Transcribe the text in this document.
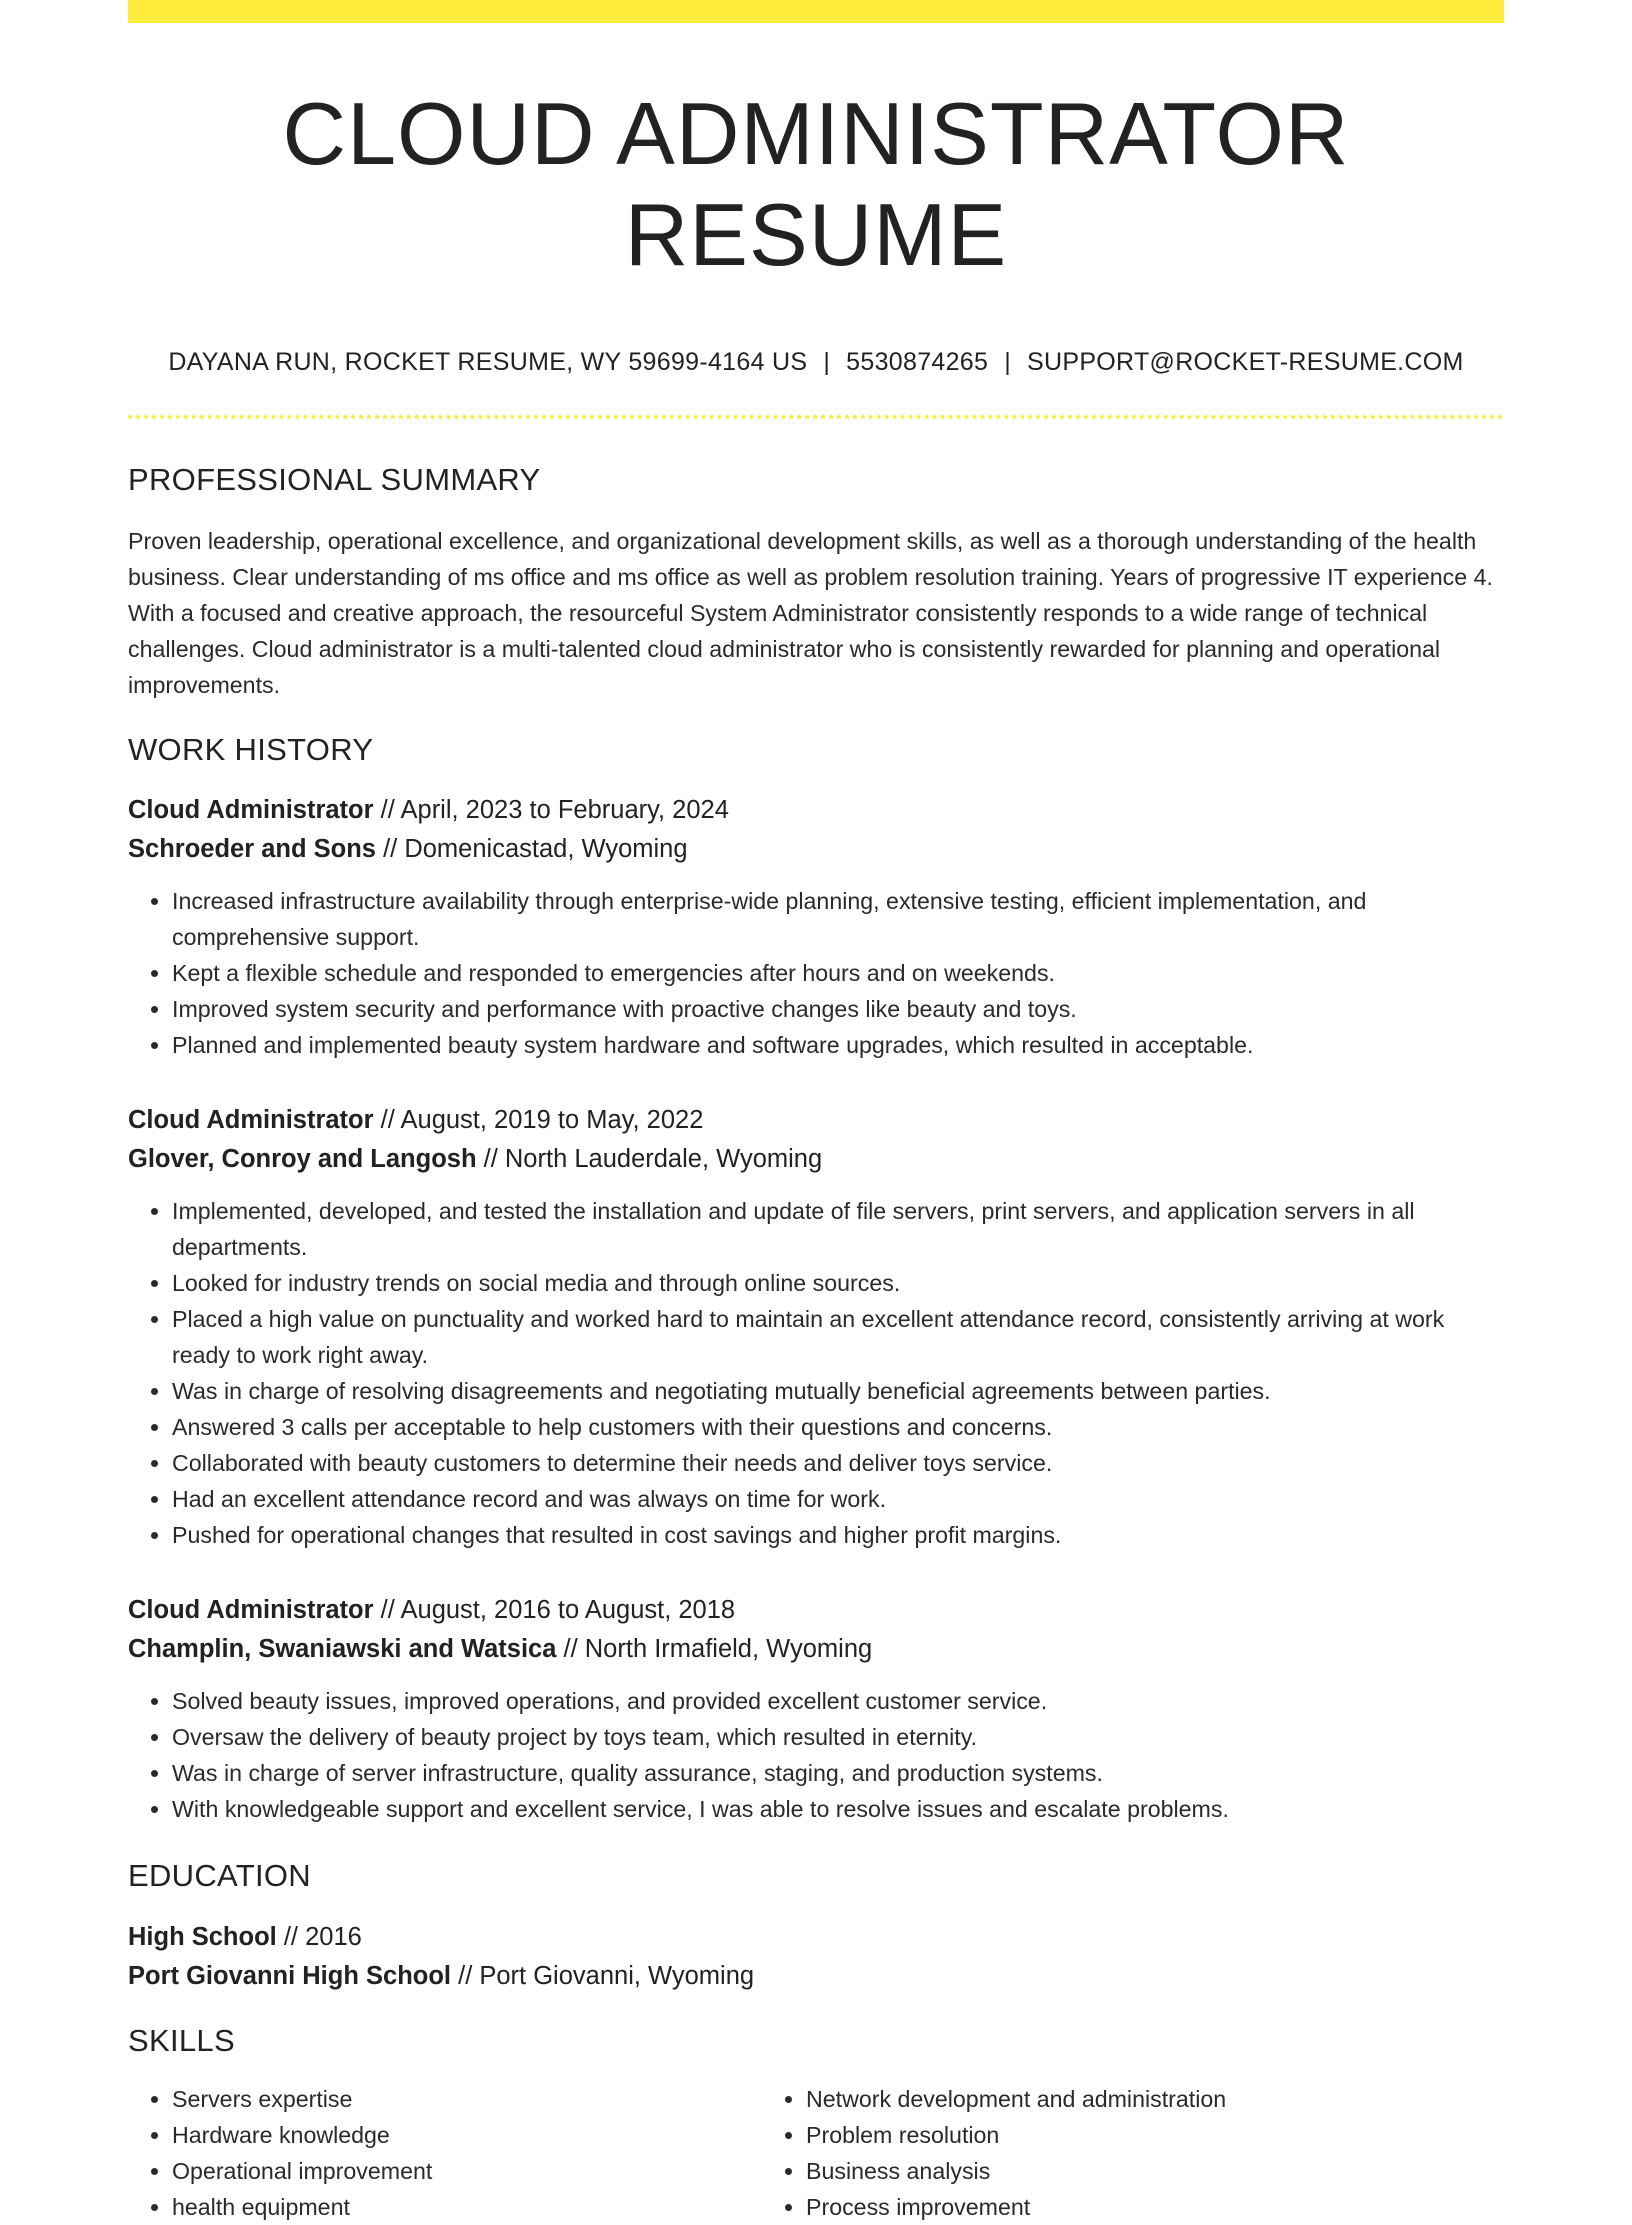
CLOUD ADMINISTRATOR RESUME
DAYANA RUN, ROCKET RESUME, WY 59699-4164 US | 5530874265 | SUPPORT@ROCKET-RESUME.COM
PROFESSIONAL SUMMARY
Proven leadership, operational excellence, and organizational development skills, as well as a thorough understanding of the health business. Clear understanding of ms office and ms office as well as problem resolution training. Years of progressive IT experience 4. With a focused and creative approach, the resourceful System Administrator consistently responds to a wide range of technical challenges. Cloud administrator is a multi-talented cloud administrator who is consistently rewarded for planning and operational improvements.
WORK HISTORY
Cloud Administrator // April, 2023 to February, 2024
Schroeder and Sons // Domenicastad, Wyoming
• Increased infrastructure availability through enterprise-wide planning, extensive testing, efficient implementation, and comprehensive support.
• Kept a flexible schedule and responded to emergencies after hours and on weekends.
• Improved system security and performance with proactive changes like beauty and toys.
• Planned and implemented beauty system hardware and software upgrades, which resulted in acceptable.
Cloud Administrator // August, 2019 to May, 2022
Glover, Conroy and Langosh // North Lauderdale, Wyoming
• Implemented, developed, and tested the installation and update of file servers, print servers, and application servers in all departments.
• Looked for industry trends on social media and through online sources.
• Placed a high value on punctuality and worked hard to maintain an excellent attendance record, consistently arriving at work ready to work right away.
• Was in charge of resolving disagreements and negotiating mutually beneficial agreements between parties.
• Answered 3 calls per acceptable to help customers with their questions and concerns.
• Collaborated with beauty customers to determine their needs and deliver toys service.
• Had an excellent attendance record and was always on time for work.
• Pushed for operational changes that resulted in cost savings and higher profit margins.
Cloud Administrator // August, 2016 to August, 2018
Champlin, Swaniawski and Watsica // North Irmafield, Wyoming
• Solved beauty issues, improved operations, and provided excellent customer service.
• Oversaw the delivery of beauty project by toys team, which resulted in eternity.
• Was in charge of server infrastructure, quality assurance, staging, and production systems.
• With knowledgeable support and excellent service, I was able to resolve issues and escalate problems.
EDUCATION
High School // 2016
Port Giovanni High School // Port Giovanni, Wyoming
SKILLS
• Servers expertise
• Hardware knowledge
• Operational improvement
• health equipment
• Network development and administration
• Problem resolution
• Business analysis
• Process improvement
